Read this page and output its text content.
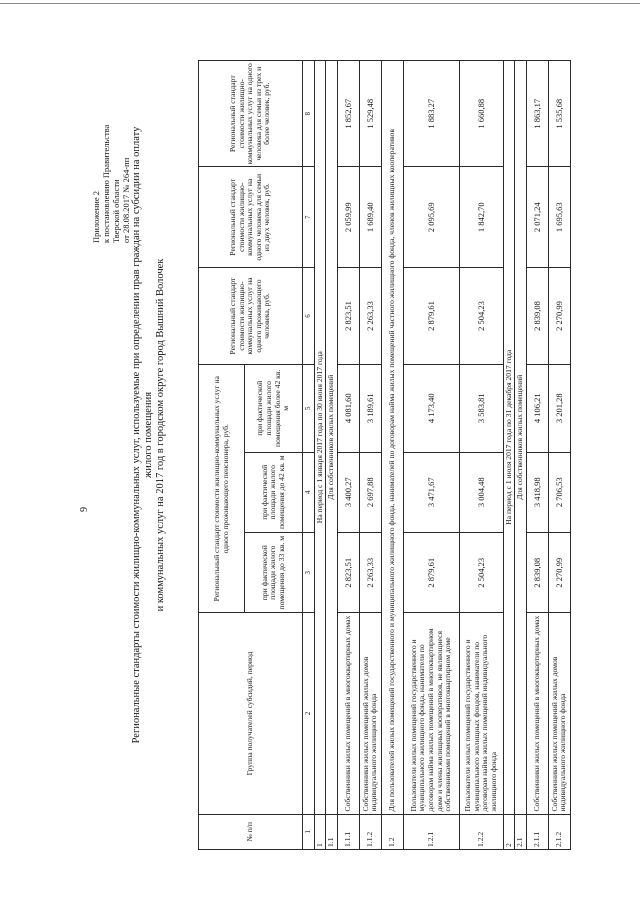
9
Приложение 2 к постановлению Правительства Тверской области от 28.08.2017 № 264-пп Региональные стандарты стоимости жилищно-коммунальных услуг, используемые при определении прав граждан на субсидии на оплату жилого помещения и коммунальных услуг на 2017 год в городском округе город Вышний Волочек
№ п/п	Группа получателей субсидий, период	Региональный стандарт стоимости жилищно-коммунальных услуг на одного проживающего пенсионера, руб.			Региональный стандарт стоимости жилищно-коммунальных услуг на одного проживающего человека, руб.	Региональный стандарт стоимости жилищно-коммунальных услуг на одного человека для семьи из двух человек, руб.	Региональный стандарт стоимости жилищно-коммунальных услуг на одного человека для семьи из трех и более человек, руб.
		при фактической площади жилого помещения до 33 кв. м	при фактической площади жилого помещения до 42 кв. м	при фактической площади жилого помещения более 42 кв. м			
1	2	3	4	5	6	7	8
1	На период с 1 января 2017 года по 30 июня 2017 года						
1.1	Для собственников жилых помещений						
1.1.1	Собственники жилых помещений в многоквартирных домах	2 823,51	3 400,27	4 081,60	2 823,51	2 059,99	1 852,67
1.1.2	Собственники жилых помещений жилых домов индивидуального жилищного фонда	2 263,33	2 697,88	3 189,61	2 263,33	1 689,40	1 529,48
1.2	Для пользователей жилых помещений государственного и муниципального жилищного фонда, нанимателей по договорам найма жилых помещений частного жилищного фонда, членов жилищных кооперативов						
1.2.1	Пользователи жилых помещений государственного и муниципального жилищного фонда, наниматели по договорам найма жилых помещений в многоквартирном доме и члены жилищных кооперативов, не являющиеся собственниками помещений в многоквартирном доме	2 879,61	3 471,67	4 173,40	2 879,61	2 095,69	1 883,27
1.2.2	Пользователи жилых помещений государственного и муниципального жилищных фондов, наниматели по договорам найма жилых помещений индивидуального жилищного фонда	2 504,23	3 004,48	3 583,81	2 504,23	1 842,70	1 660,88
2	На период с 1 июля 2017 года по 31 декабря 2017 года						
2.1	Для собственников жилых помещений						
2.1.1	Собственники жилых помещений в многоквартирных домах	2 839,08	3 418,98	4 106,21	2 839,08	2 071,24	1 863,17
2.1.2	Собственники жилых помещений жилых домов индивидуального жилищного фонда	2 270,99	2 706,53	3 201,28	2 270,99	1 695,63	1 535,68
